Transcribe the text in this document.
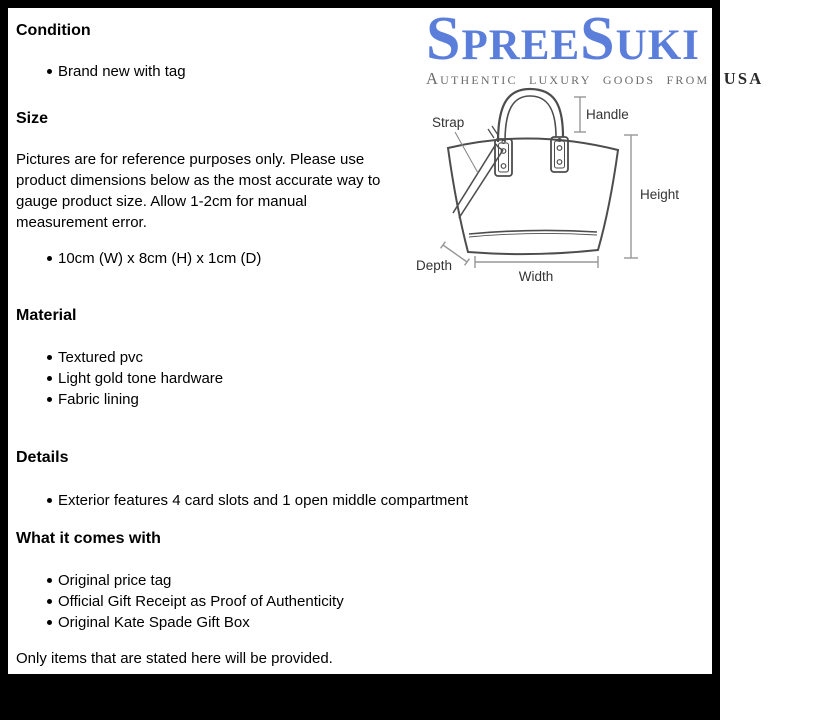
Condition
Brand new with tag
Size
Pictures are for reference purposes only. Please use
product dimensions below as the most accurate way to
gauge product size. Allow 1-2cm for manual
measurement error.
10cm (W) x 8cm (H) x 1cm (D)
Material
Textured pvc
Light gold tone hardware
Fabric lining
Details
Exterior features 4 card slots and 1 open middle compartment
What it comes with
Original price tag
Official Gift Receipt as Proof of Authenticity
Original Kate Spade Gift Box
Only items that are stated here will be provided.
SpreeSuki
Authentic luxury goods from USA
Strap
Handle
Height
Width
Depth
